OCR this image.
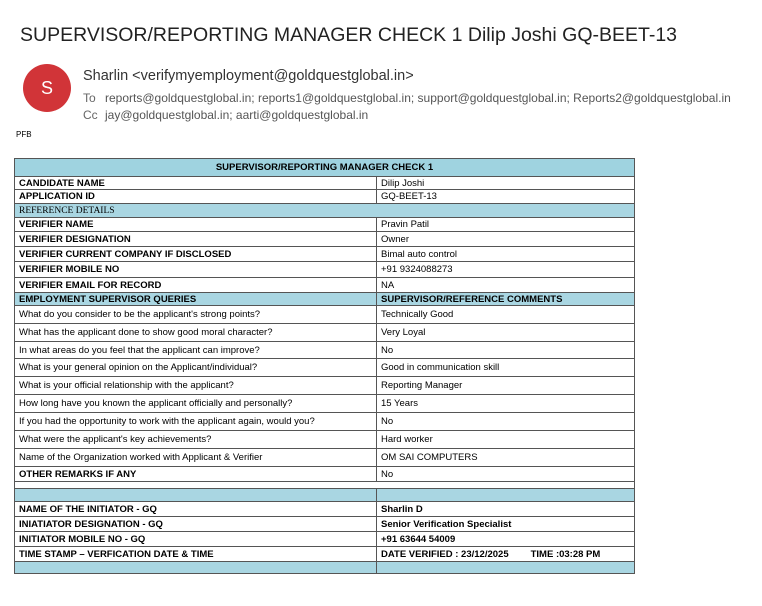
SUPERVISOR/REPORTING MANAGER CHECK 1 Dilip Joshi GQ-BEET-13
S
Sharlin <verifymyemployment@goldquestglobal.in>
To reports@goldquestglobal.in; reports1@goldquestglobal.in; support@goldquestglobal.in; Reports2@goldquestglobal.in
Cc jay@goldquestglobal.in; aarti@goldquestglobal.in
PFB
SUPERVISOR/REPORTING MANAGER CHECK 1	
CANDIDATE NAME	Dilip Joshi
APPLICATION ID	GQ-BEET-13
REFERENCE DETAILS	
VERIFIER NAME	Pravin Patil
VERIFIER DESIGNATION	Owner
VERIFIER CURRENT COMPANY IF DISCLOSED	Bimal auto control
VERIFIER MOBILE NO	+91 9324088273
VERIFIER EMAIL FOR RECORD	NA
EMPLOYMENT SUPERVISOR QUERIES	SUPERVISOR/REFERENCE COMMENTS
What do you consider to be the applicant's strong points?	Technically Good
What has the applicant done to show good moral character?	Very Loyal
In what areas do you feel that the applicant can improve?	No
What is your general opinion on the Applicant/individual?	Good in communication skill
What is your official relationship with the applicant?	Reporting Manager
How long have you known the applicant officially and personally?	15 Years
If you had the opportunity to work with the applicant again, would you?	No
What were the applicant's key achievements?	Hard worker
Name of the Organization worked with Applicant & Verifier	OM SAI COMPUTERS
OTHER REMARKS IF ANY	No

NAME OF THE INITIATOR - GQ	Sharlin D
INIATIATOR DESIGNATION - GQ	Senior Verification Specialist
INITIATOR MOBILE NO - GQ	+91 63644 54009
TIME STAMP – VERFICATION DATE & TIME	DATE VERIFIED : 23/12/2025 TIME :03:28 PM
